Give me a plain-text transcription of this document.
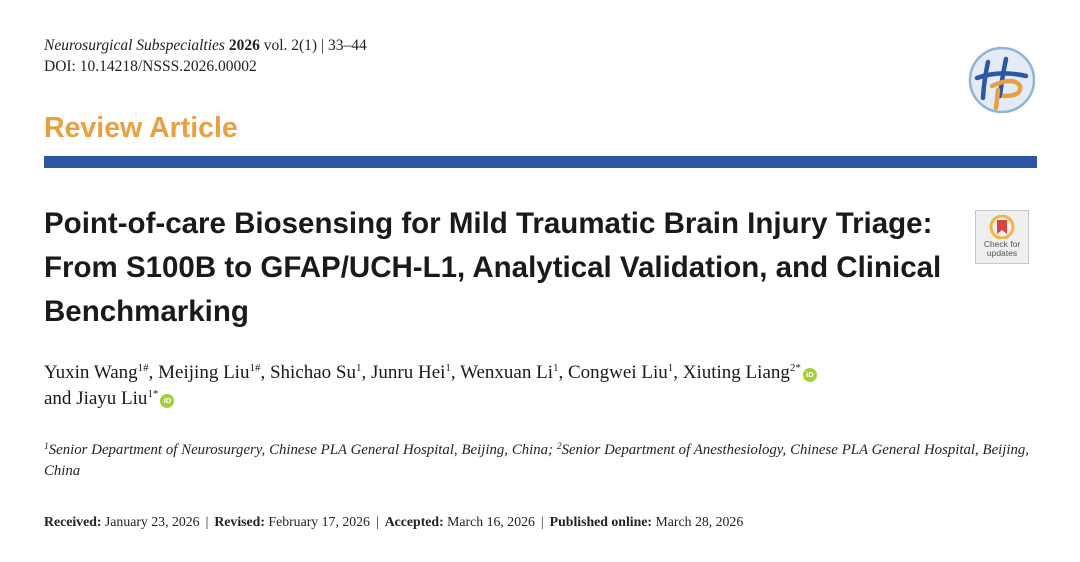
Neurosurgical Subspecialties 2026 vol. 2(1) | 33–44
DOI: 10.14218/NSSS.2026.00002
Review Article
Point-of-care Biosensing for Mild Traumatic Brain Injury Triage: From S100B to GFAP/UCH-L1, Analytical Validation, and Clinical Benchmarking
Check for
updates
Yuxin Wang$^{1\#}$, Meijing Liu$^{1\#}$, Shichao Su$^1$, Junru Hei$^1$, Wenxuan Li$^1$, Congwei Liu$^1$, Xiuting Liang$^{2*}$iD
and Jiayu Liu$^{1*}$iD
$^1$Senior Department of Neurosurgery, Chinese PLA General Hospital, Beijing, China; $^2$Senior Department of Anesthesiology, Chinese PLA General Hospital, Beijing, China
Received: January 23, 2026 | Revised: February 17, 2026 | Accepted: March 16, 2026 | Published online: March 28, 2026
